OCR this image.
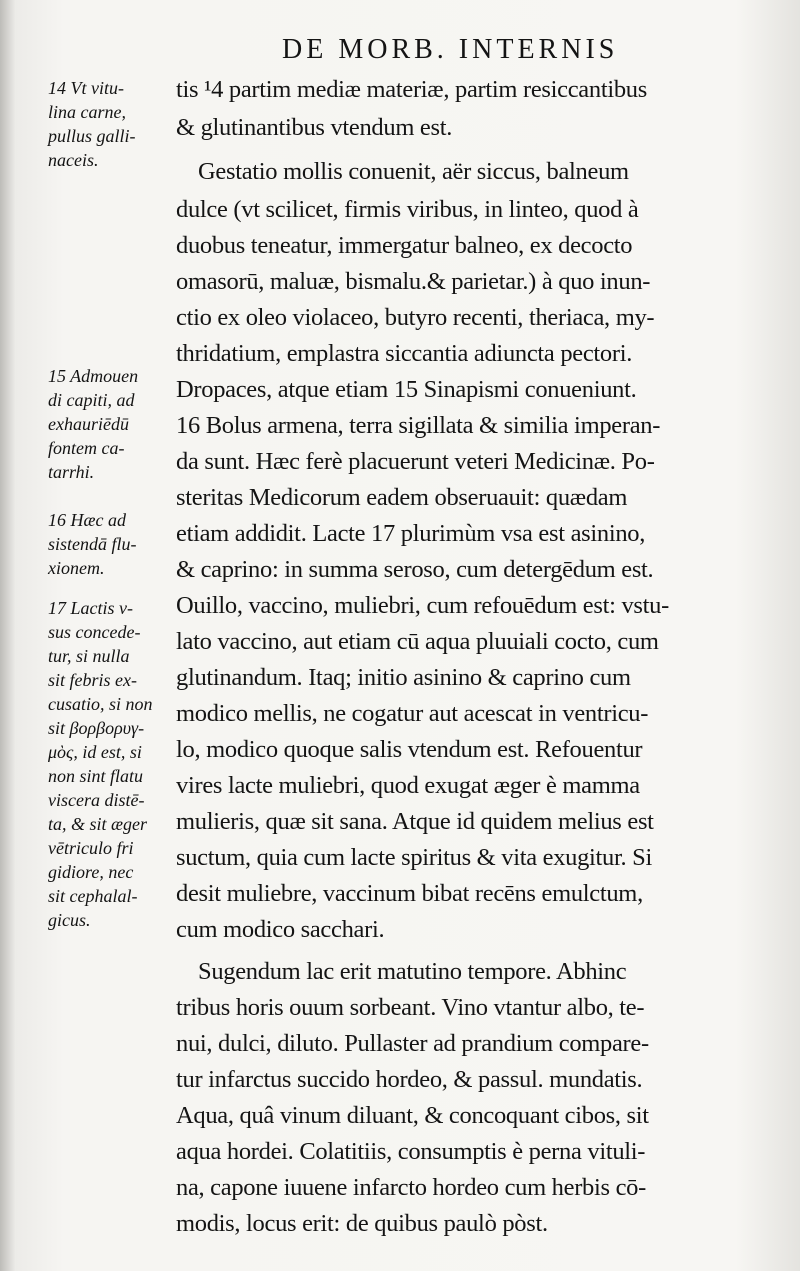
DE MORB. INTERNIS
14 Vt vitu-
lina carne,
pullus galli-
naceis.
15 Admouen
di capiti, ad
exhauriēdū
fontem ca-
tarrhi.
16 Hæc ad
sistendā flu-
xionem.
17 Lactis v-
sus concede-
tur, si nulla
sit febris ex-
cusatio, si non
sit βορβορυγ-
μὸς, id est, si
non sint flatu
viscera distē-
ta, & sit æger
vētriculo fri
gidiore, nec
sit cephalal-
gicus.
tis ¹4 partim mediæ materiæ, partim resiccantibus
& glutinantibus vtendum est.
Gestatio mollis conuenit, aër siccus, balneum
dulce (vt scilicet, firmis viribus, in linteo, quod à
duobus teneatur, immergatur balneo, ex decocto
omasorū, maluæ, bismalu.& parietar.) à quo inun-
ctio ex oleo violaceo, butyro recenti, theriaca, my-
thridatium, emplastra siccantia adiuncta pectori.
Dropaces, atque etiam 15 Sinapismi conueniunt.
16 Bolus armena, terra sigillata & similia imperan-
da sunt. Hæc ferè placuerunt veteri Medicinæ. Po-
steritas Medicorum eadem obseruauit: quædam
etiam addidit. Lacte 17 plurimùm vsa est asinino,
& caprino: in summa seroso, cum detergēdum est.
Ouillo, vaccino, muliebri, cum refouēdum est: vstu-
lato vaccino, aut etiam cū aqua pluuiali cocto, cum
glutinandum. Itaq; initio asinino & caprino cum
modico mellis, ne cogatur aut acescat in ventricu-
lo, modico quoque salis vtendum est. Refouentur
vires lacte muliebri, quod exugat æger è mamma
mulieris, quæ sit sana. Atque id quidem melius est
suctum, quia cum lacte spiritus & vita exugitur. Si
desit muliebre, vaccinum bibat recēns emulctum,
cum modico sacchari.
Sugendum lac erit matutino tempore. Abhinc
tribus horis ouum sorbeant. Vino vtantur albo, te-
nui, dulci, diluto. Pullaster ad prandium compare-
tur infarctus succido hordeo, & passul. mundatis.
Aqua, quâ vinum diluant, & concoquant cibos, sit
aqua hordei. Colatitiis, consumptis è perna vituli-
na, capone iuuene infarcto hordeo cum herbis cō-
modis, locus erit: de quibus paulò pòst.
